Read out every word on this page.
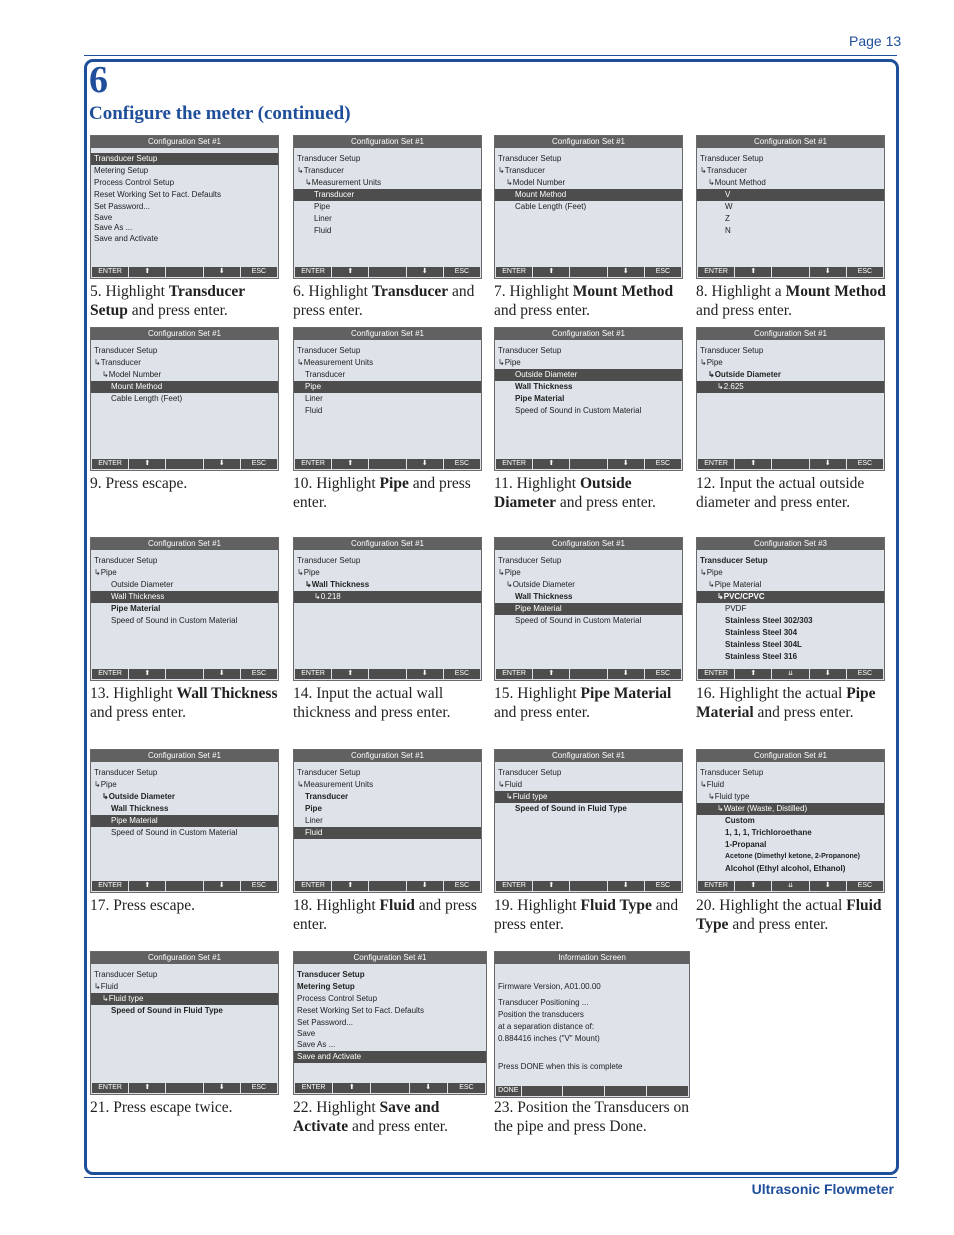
Page 13
6
Configure the meter (continued)
Configuration Set #1
Transducer Setup
Metering Setup
Process Control Setup
Reset Working Set to Fact. Defaults
Set Password...
Save
Save As ...
Save and Activate
ENTER	⬆	⬇	ESC
Configuration Set #1
Transducer Setup
↳Transducer
↳Measurement Units
Transducer
Pipe
Liner
Fluid
ENTER	⬆	⬇	ESC
Configuration Set #1
Transducer Setup
↳Transducer
↳Model Number
Mount Method
Cable Length (Feet)
ENTER	⬆	⬇	ESC
Configuration Set #1
Transducer Setup
↳Transducer
↳Mount Method
V
W
Z
N
ENTER	⬆	⬇	ESC
Configuration Set #1
Transducer Setup
↳Transducer
↳Model Number
Mount Method
Cable Length (Feet)
ENTER	⬆	⬇	ESC
Configuration Set #1
Transducer Setup
↳Measurement Units
Transducer
Pipe
Liner
Fluid
ENTER	⬆	⬇	ESC
Configuration Set #1
Transducer Setup
↳Pipe
Outside Diameter
Wall Thickness
Pipe Material
Speed of Sound in Custom Material
ENTER	⬆	⬇	ESC
Configuration Set #1
Transducer Setup
↳Pipe
↳Outside Diameter
↳2.625
ENTER	⬆	⬇	ESC
Configuration Set #1
Transducer Setup
↳Pipe
Outside Diameter
Wall Thickness
Pipe Material
Speed of Sound in Custom Material
ENTER	⬆	⬇	ESC
Configuration Set #1
Transducer Setup
↳Pipe
↳Wall Thickness
↳0.218
ENTER	⬆	⬇	ESC
Configuration Set #1
Transducer Setup
↳Pipe
↳Outside Diameter
Wall Thickness
Pipe Material
Speed of Sound in Custom Material
ENTER	⬆	⬇	ESC
Configuration Set #3
Transducer Setup
↳Pipe
↳Pipe Material
↳PVC/CPVC
PVDF
Stainless Steel 302/303
Stainless Steel 304
Stainless Steel 304L
Stainless Steel 316
ENTER	⬆	⇊	⬇	ESC
Configuration Set #1
Transducer Setup
↳Pipe
↳Outside Diameter
Wall Thickness
Pipe Material
Speed of Sound in Custom Material
ENTER	⬆	⬇	ESC
Configuration Set #1
Transducer Setup
↳Measurement Units
Transducer
Pipe
Liner
Fluid
ENTER	⬆	⬇	ESC
Configuration Set #1
Transducer Setup
↳Fluid
↳Fluid type
Speed of Sound in Fluid Type
ENTER	⬆	⬇	ESC
Configuration Set #1
Transducer Setup
↳Fluid
↳Fluid type
↳Water (Waste, Distilled)
Custom
1, 1, 1, Trichloroethane
1-Propanal
Acetone (Dimethyl ketone, 2-Propanone)
Alcohol (Ethyl alcohol, Ethanol)
ENTER	⬆	⇊	⬇	ESC
Configuration Set #1
Transducer Setup
↳Fluid
↳Fluid type
Speed of Sound in Fluid Type
ENTER	⬆	⬇	ESC
Configuration Set #1
Transducer Setup
Metering Setup
Process Control Setup
Reset Working Set to Fact. Defaults
Set Password...
Save
Save As ...
Save and Activate
ENTER	⬆	⬇	ESC
Information Screen
Firmware Version, A01.00.00
Transducer Positioning ...
Position the transducers
at a separation distance of:
0.884416 inches ("V" Mount)
Press DONE when this is complete
DONE
5. Highlight Transducer Setup and press enter.
6. Highlight Transducer and press enter.
7. Highlight Mount Method and press enter.
8. Highlight a Mount Method and press enter.
9. Press escape.	10. Highlight Pipe and press enter.
11. Highlight Outside Diameter and press enter.
12. Input the actual outside diameter and press enter.
13. Highlight Wall Thickness and press enter.
14. Input the actual wall thickness and press enter.
15. Highlight Pipe Material and press enter.
16. Highlight the actual Pipe Material and press enter.
17. Press escape.	18. Highlight Fluid and press enter.
19. Highlight Fluid Type and press enter.
20. Highlight the actual Fluid Type and press enter.
21. Press escape twice.	22. Highlight Save and Activate and press enter.
23. Position the Transducers on the pipe and press Done.
Ultrasonic Flowmeter
